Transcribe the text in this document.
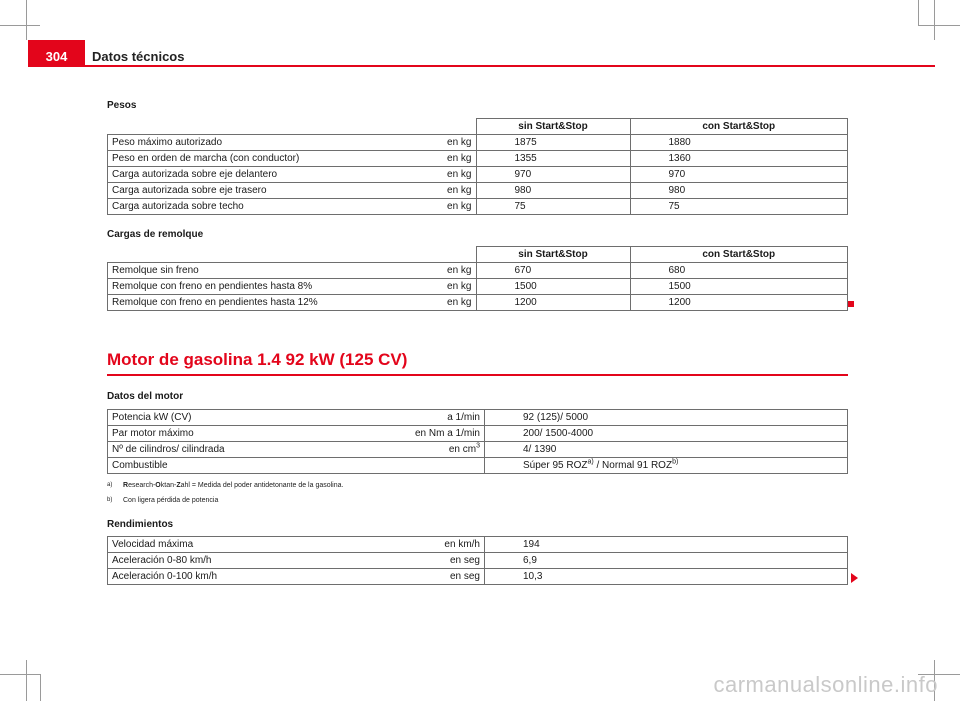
304	Datos técnicos
Pesos
		sin Start&Stop	con Start&Stop
Peso máximo autorizado	en kg	1875	1880
Peso en orden de marcha (con conductor)	en kg	1355	1360
Carga autorizada sobre eje delantero	en kg	970	970
Carga autorizada sobre eje trasero	en kg	980	980
Carga autorizada sobre techo	en kg	75	75
Cargas de remolque
		sin Start&Stop	con Start&Stop
Remolque sin freno	en kg	670	680
Remolque con freno en pendientes hasta 8%	en kg	1500	1500
Remolque con freno en pendientes hasta 12%	en kg	1200	1200
Motor de gasolina 1.4 92 kW (125 CV)
Datos del motor
Potencia kW (CV)	a 1/min	92 (125)/ 5000
Par motor máximo	en Nm a 1/min	200/ 1500-4000
Nº de cilindros/ cilindrada	en $cm^3$	4/ 1390
Combustible		Súper 95 ROZ$^{a)}$ / Normal 91 ROZ$^{b)}$
a) Research-Oktan-Zahl = Medida del poder antidetonante de la gasolina.
b) Con ligera pérdida de potencia
Rendimientos
Velocidad máxima	en km/h	194
Aceleración 0-80 km/h	en seg	6,9
Aceleración 0-100 km/h	en seg	10,3
carmanualsonline.info
